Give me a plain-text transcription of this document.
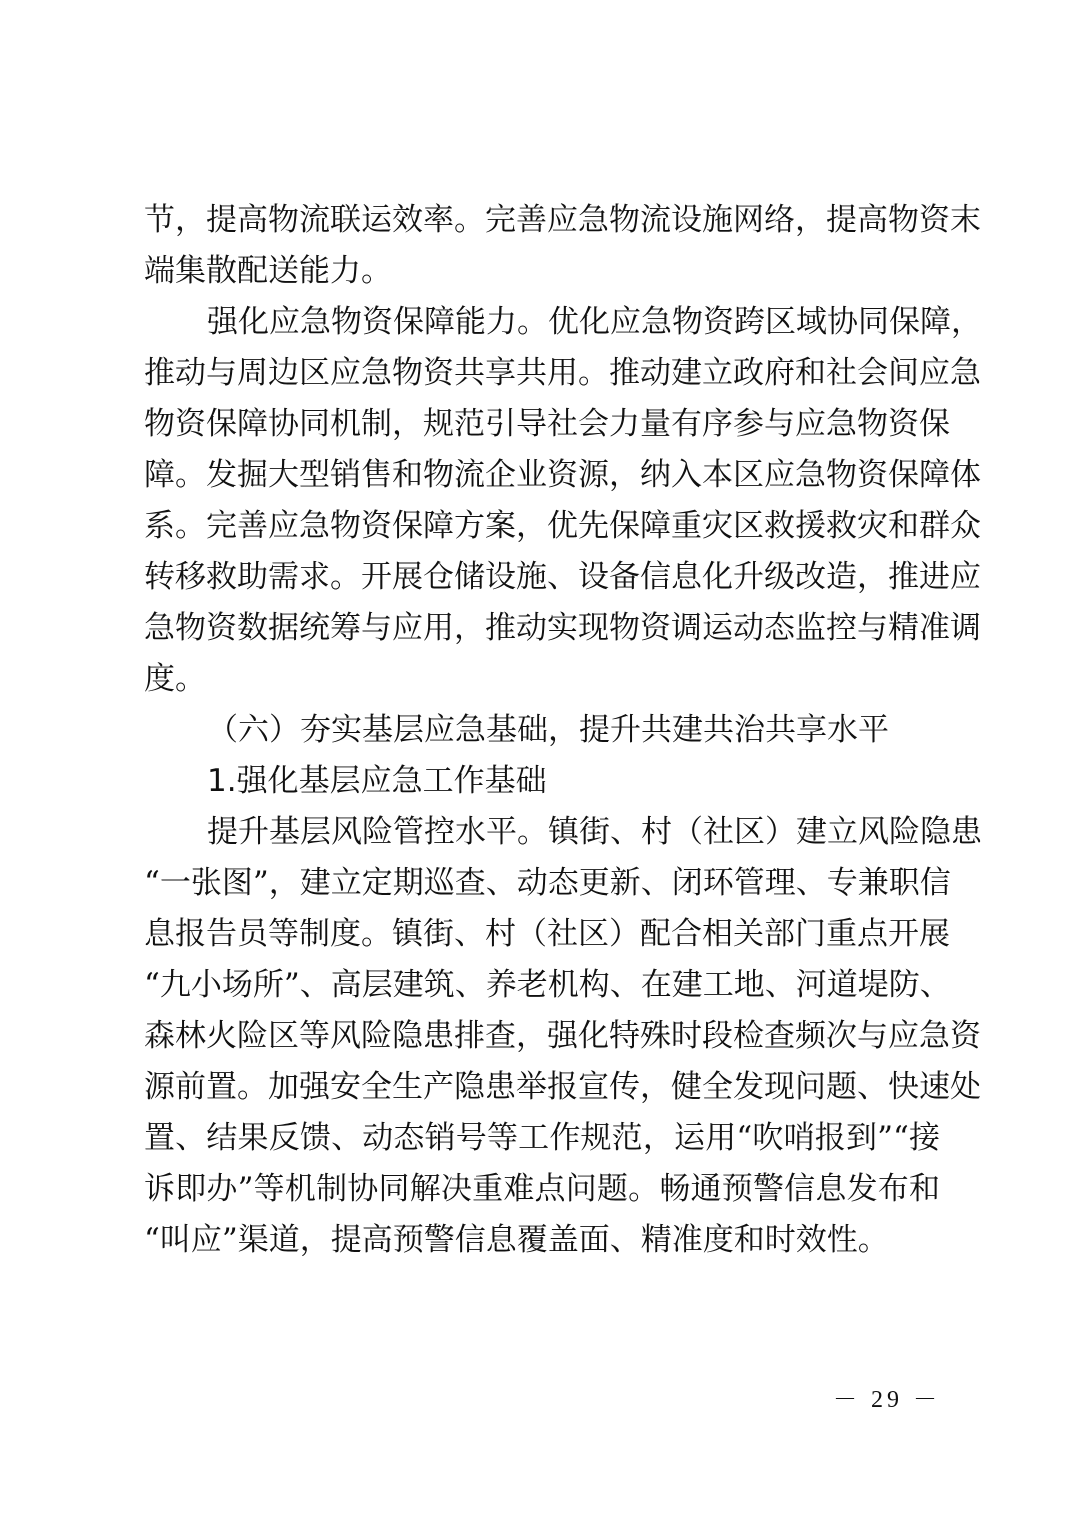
节，提高物流联运效率。完善应急物流设施网络，提高物资末
端集散配送能力。
强化应急物资保障能力。优化应急物资跨区域协同保障，
推动与周边区应急物资共享共用。推动建立政府和社会间应急
物资保障协同机制，规范引导社会力量有序参与应急物资保
障。发掘大型销售和物流企业资源，纳入本区应急物资保障体
系。完善应急物资保障方案，优先保障重灾区救援救灾和群众
转移救助需求。开展仓储设施、设备信息化升级改造，推进应
急物资数据统筹与应用，推动实现物资调运动态监控与精准调
度。
（六）夯实基层应急基础，提升共建共治共享水平
1.强化基层应急工作基础
提升基层风险管控水平。镇街、村（社区）建立风险隐患
“一张图”，建立定期巡查、动态更新、闭环管理、专兼职信
息报告员等制度。镇街、村（社区）配合相关部门重点开展
“九小场所”、高层建筑、养老机构、在建工地、河道堤防、
森林火险区等风险隐患排查，强化特殊时段检查频次与应急资
源前置。加强安全生产隐患举报宣传，健全发现问题、快速处
置、结果反馈、动态销号等工作规范，运用“吹哨报到”“接
诉即办”等机制协同解决重难点问题。畅通预警信息发布和
“叫应”渠道，提高预警信息覆盖面、精准度和时效性。
－ 29 －
